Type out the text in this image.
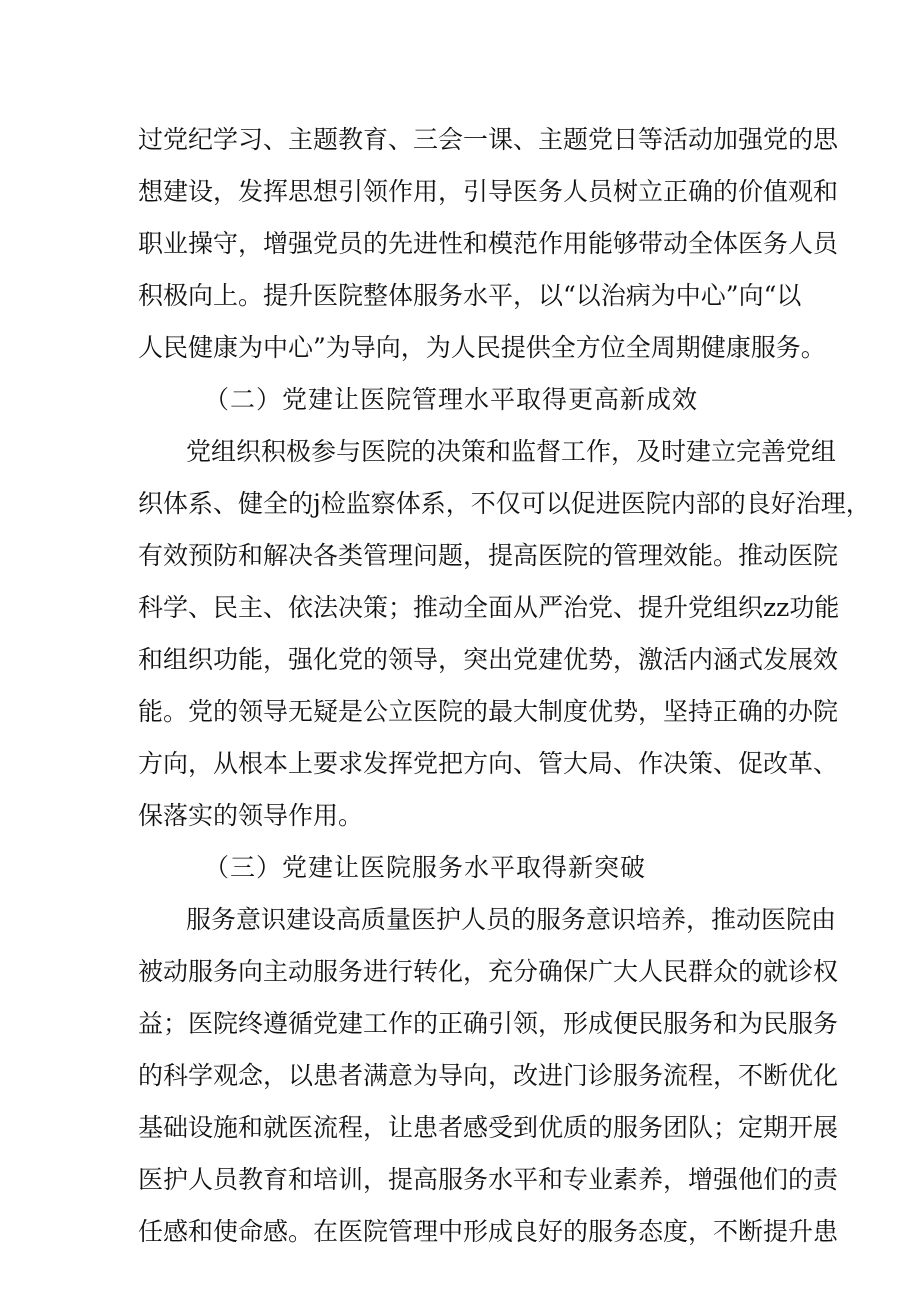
过党纪学习、主题教育、三会一课、主题党日等活动加强党的思
想建设，发挥思想引领作用，引导医务人员树立正确的价值观和
职业操守，增强党员的先进性和模范作用能够带动全体医务人员
积极向上。提升医院整体服务水平，以“以治病为中心”向“以
人民健康为中心”为导向，为人民提供全方位全周期健康服务。
（二）党建让医院管理水平取得更高新成效
党组织积极参与医院的决策和监督工作，及时建立完善党组
织体系、健全的j检监察体系，不仅可以促进医院内部的良好治理，
有效预防和解决各类管理问题，提高医院的管理效能。推动医院
科学、民主、依法决策；推动全面从严治党、提升党组织zz功能
和组织功能，强化党的领导，突出党建优势，激活内涵式发展效
能。党的领导无疑是公立医院的最大制度优势，坚持正确的办院
方向，从根本上要求发挥党把方向、管大局、作决策、促改革、
保落实的领导作用。
（三）党建让医院服务水平取得新突破
服务意识建设高质量医护人员的服务意识培养，推动医院由
被动服务向主动服务进行转化，充分确保广大人民群众的就诊权
益；医院终遵循党建工作的正确引领，形成便民服务和为民服务
的科学观念，以患者满意为导向，改进门诊服务流程，不断优化
基础设施和就医流程，让患者感受到优质的服务团队；定期开展
医护人员教育和培训，提高服务水平和专业素养，增强他们的责
任感和使命感。在医院管理中形成良好的服务态度，不断提升患
